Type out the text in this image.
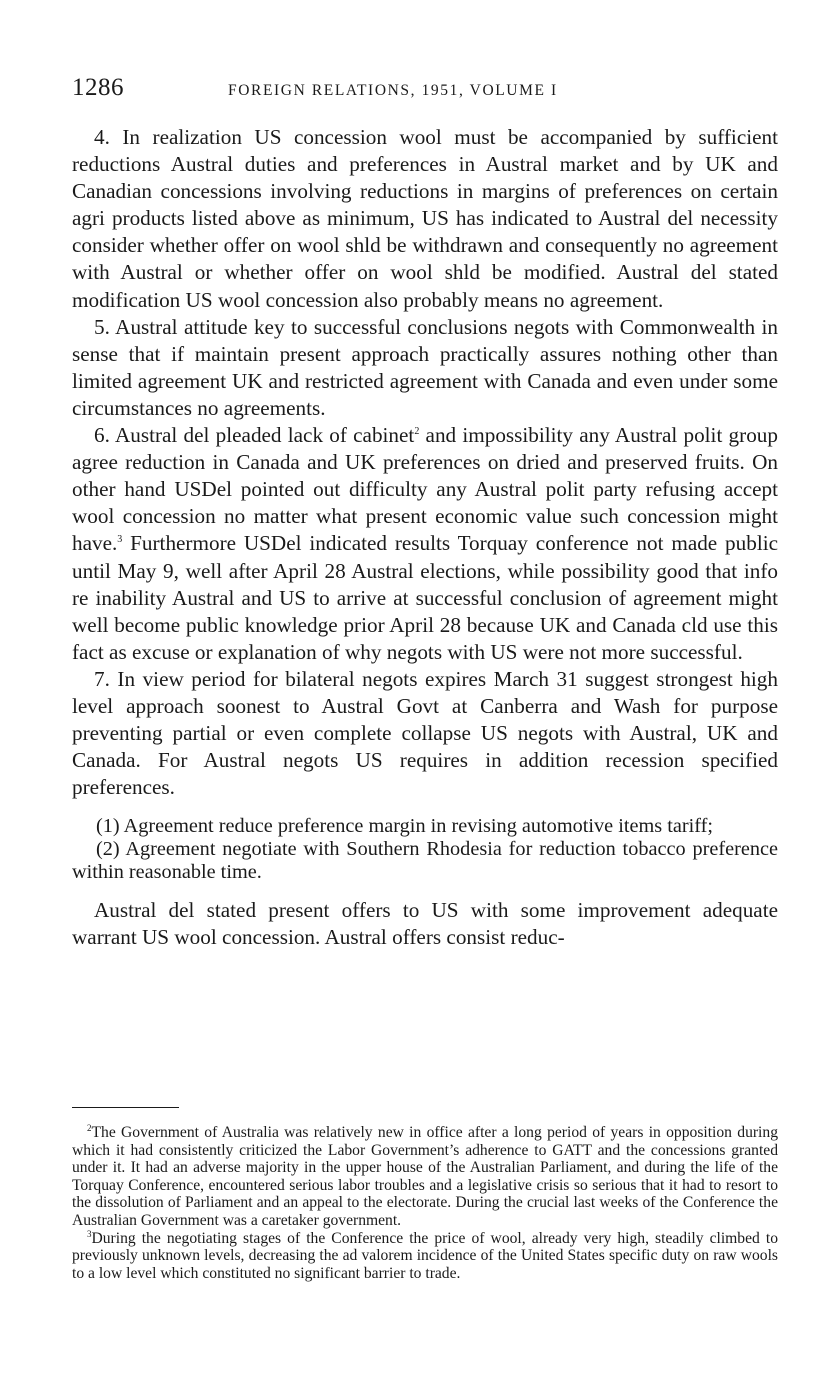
1286	FOREIGN RELATIONS, 1951, VOLUME I

4. In realization US concession wool must be accompanied by sufficient reductions Austral duties and preferences in Austral market and by UK and Canadian concessions involving reductions in margins of preferences on certain agri products listed above as minimum, US has indicated to Austral del necessity consider whether offer on wool shld be withdrawn and consequently no agreement with Austral or whether offer on wool shld be modified. Austral del stated modification US wool concession also probably means no agreement.

5. Austral attitude key to successful conclusions negots with Commonwealth in sense that if maintain present approach practically assures nothing other than limited agreement UK and restricted agreement with Canada and even under some circumstances no agreements.

6. Austral del pleaded lack of cabinet$^2$ and impossibility any Austral polit group agree reduction in Canada and UK preferences on dried and preserved fruits. On other hand USDel pointed out difficulty any Austral polit party refusing accept wool concession no matter what present economic value such concession might have.$^3$ Furthermore USDel indicated results Torquay conference not made public until May 9, well after April 28 Austral elections, while possibility good that info re inability Austral and US to arrive at successful conclusion of agreement might well become public knowledge prior April 28 because UK and Canada cld use this fact as excuse or explanation of why negots with US were not more successful.

7. In view period for bilateral negots expires March 31 suggest strongest high level approach soonest to Austral Govt at Canberra and Wash for purpose preventing partial or even complete collapse US negots with Austral, UK and Canada. For Austral negots US requires in addition recession specified preferences.

(1) Agreement reduce preference margin in revising automotive items tariff;

(2) Agreement negotiate with Southern Rhodesia for reduction tobacco preference within reasonable time.

Austral del stated present offers to US with some improvement adequate warrant US wool concession. Austral offers consist reduc-

$^2$The Government of Australia was relatively new in office after a long period of years in opposition during which it had consistently criticized the Labor Government’s adherence to GATT and the concessions granted under it. It had an adverse majority in the upper house of the Australian Parliament, and during the life of the Torquay Conference, encountered serious labor troubles and a legislative crisis so serious that it had to resort to the dissolution of Parliament and an appeal to the electorate. During the crucial last weeks of the Conference the Australian Government was a caretaker government.

$^3$During the negotiating stages of the Conference the price of wool, already very high, steadily climbed to previously unknown levels, decreasing the ad valorem incidence of the United States specific duty on raw wools to a low level which constituted no significant barrier to trade.
